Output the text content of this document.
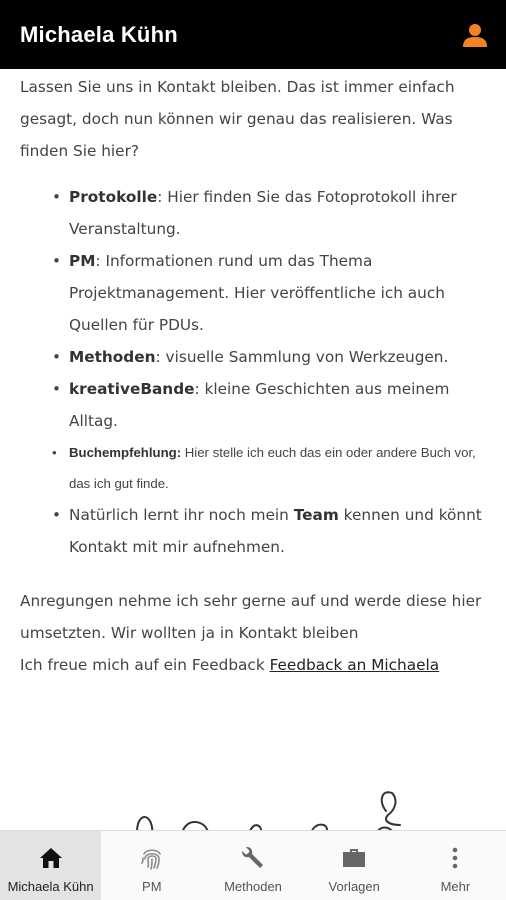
Michaela Kühn

Lassen Sie uns in Kontakt bleiben. Das ist immer einfach gesagt, doch nun können wir genau das realisieren. Was finden Sie hier?

• Protokolle: Hier finden Sie das Fotoprotokoll ihrer Veranstaltung.
• PM: Informationen rund um das Thema Projektmanagement. Hier veröffentliche ich auch Quellen für PDUs.
• Methoden: visuelle Sammlung von Werkzeugen.
• kreativeBande: kleine Geschichten aus meinem Alltag.
• Buchempfehlung: Hier stelle ich euch das ein oder andere Buch vor, das ich gut finde.
• Natürlich lernt ihr noch mein Team kennen und könnt Kontakt mit mir aufnehmen.

Anregungen nehme ich sehr gerne auf und werde diese hier umsetzten. Wir wollten ja in Kontakt bleiben

Ich freue mich auf ein Feedback Feedback an Michaela

Michaela Kühn	PM	Methoden	Vorlagen	Mehr
